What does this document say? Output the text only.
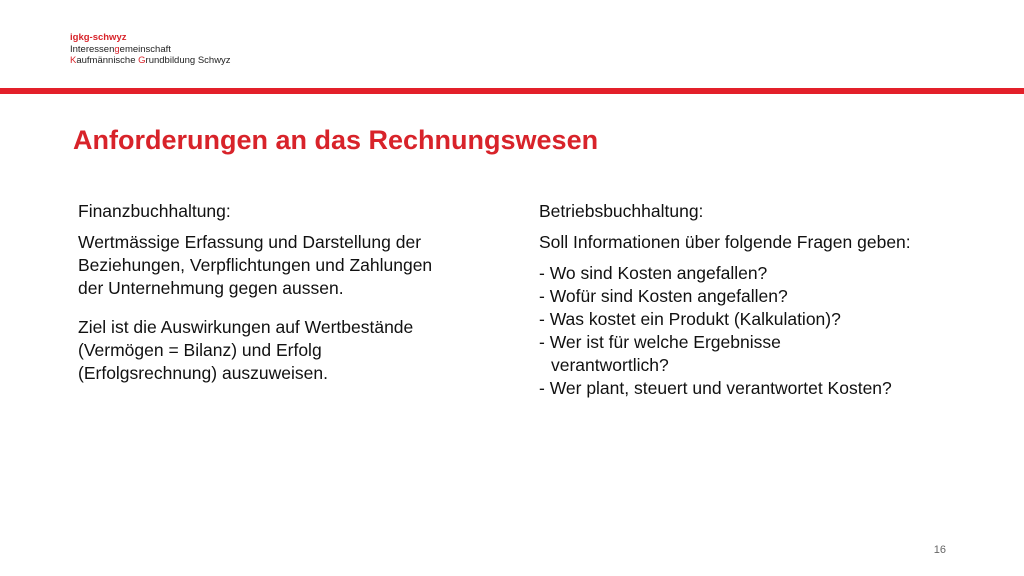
igkg-schwyz
Interessengemeinschaft
Kaufmännische Grundbildung Schwyz
Anforderungen an das Rechnungswesen
Finanzbuchhaltung:

Wertmässige Erfassung und Darstellung der Beziehungen, Verpflichtungen und Zahlungen der Unternehmung gegen aussen.

Ziel ist die Auswirkungen auf Wertbestände (Vermögen = Bilanz) und Erfolg (Erfolgsrechnung) auszuweisen.

Betriebsbuchhaltung:

Soll Informationen über folgende Fragen geben:

- Wo sind Kosten angefallen?
- Wofür sind Kosten angefallen?
- Was kostet ein Produkt (Kalkulation)?
- Wer ist für welche Ergebnisse
verantwortlich?
- Wer plant, steuert und verantwortet Kosten?
16
